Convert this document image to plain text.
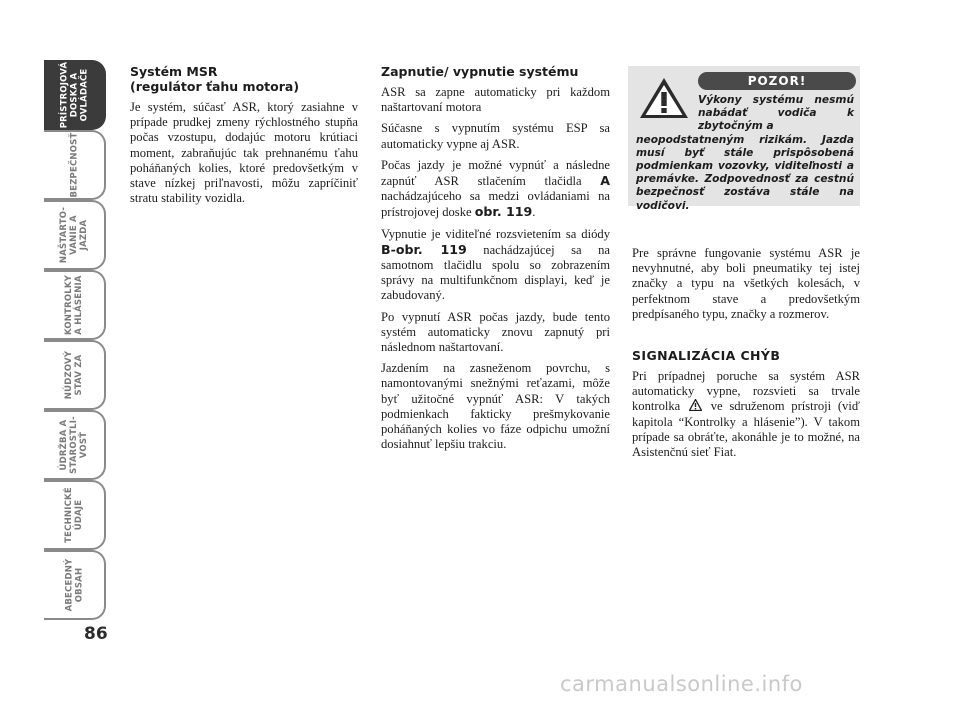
PRÍSTROJOVÁ
DOSKA A
OVLÁDAČE
BEZPEČNOSŤ
NAŠTARTO-
VANIE A
JAZDA
KONTROLKY
A HLÁSENIA
NÚDZOVÝ
STAV ZA
ÚDRŽBA A
STAROSTLI-
VOSŤ
TECHNICKÉ
ÚDAJE
ABECEDNÝ
OBSAH
86
Systém MSR
(regulátor ťahu motora)

Je systém, súčasť ASR, ktorý zasiahne v prípade prudkej zmeny rýchlostného stupňa počas vzostupu, dodajúc motoru krútiaci moment, zabraňujúc tak prehnanému ťahu poháňaných kolies, ktoré predovšetkým v stave nízkej priľnavosti, môžu zapríčiniť stratu stability vozidla.

Zapnutie/ vypnutie systému

ASR sa zapne automaticky pri každom naštartovaní motora

Súčasne s vypnutím systému ESP sa automaticky vypne aj ASR.

Počas jazdy je možné vypnúť a následne zapnúť ASR stlačením tlačidla A nachádzajúceho sa medzi ovládaniami na prístrojovej doske obr. 119.

Vypnutie je viditeľné rozsvietením sa diódy B-obr. 119 nachádzajúcej sa na samotnom tlačidlu spolu so zobrazením správy na multifunkčnom displayi, keď je zabudovaný.

Po vypnutí ASR počas jazdy, bude tento systém automaticky znovu zapnutý pri následnom naštartovaní.

Jazdením na zasneženom povrchu, s namontovanými snežnými reťazami, môže byť užitočné vypnúť ASR: V takých podmienkach fakticky prešmykovanie poháňaných kolies vo fáze odpichu umožní dosiahnuť lepšiu trakciu.

POZOR!
Výkony systému nesmú nabádať vodiča k zbytočným a
neopodstatneným rizikám. Jazda musí byť stále prispôsobená podmienkam vozovky, viditeľnosti a premávke. Zodpovednosť za cestnú bezpečnosť zostáva stále na vodičovi.

Pre správne fungovanie systému ASR je nevyhnutné, aby boli pneumatiky tej istej značky a typu na všetkých kolesách, v perfektnom stave a predovšetkým predpísaného typu, značky a rozmerov.

SIGNALIZÁCIA CHÝB

Pri prípadnej poruche sa systém ASR automaticky vypne, rozsvieti sa trvale kontrolka ve sdruženom prístroji (viď kapitola “Kontrolky a hlásenie”). V takom prípade sa obráťte, akonáhle je to možné, na Asistenčnú sieť Fiat.

carmanualsonline.info
